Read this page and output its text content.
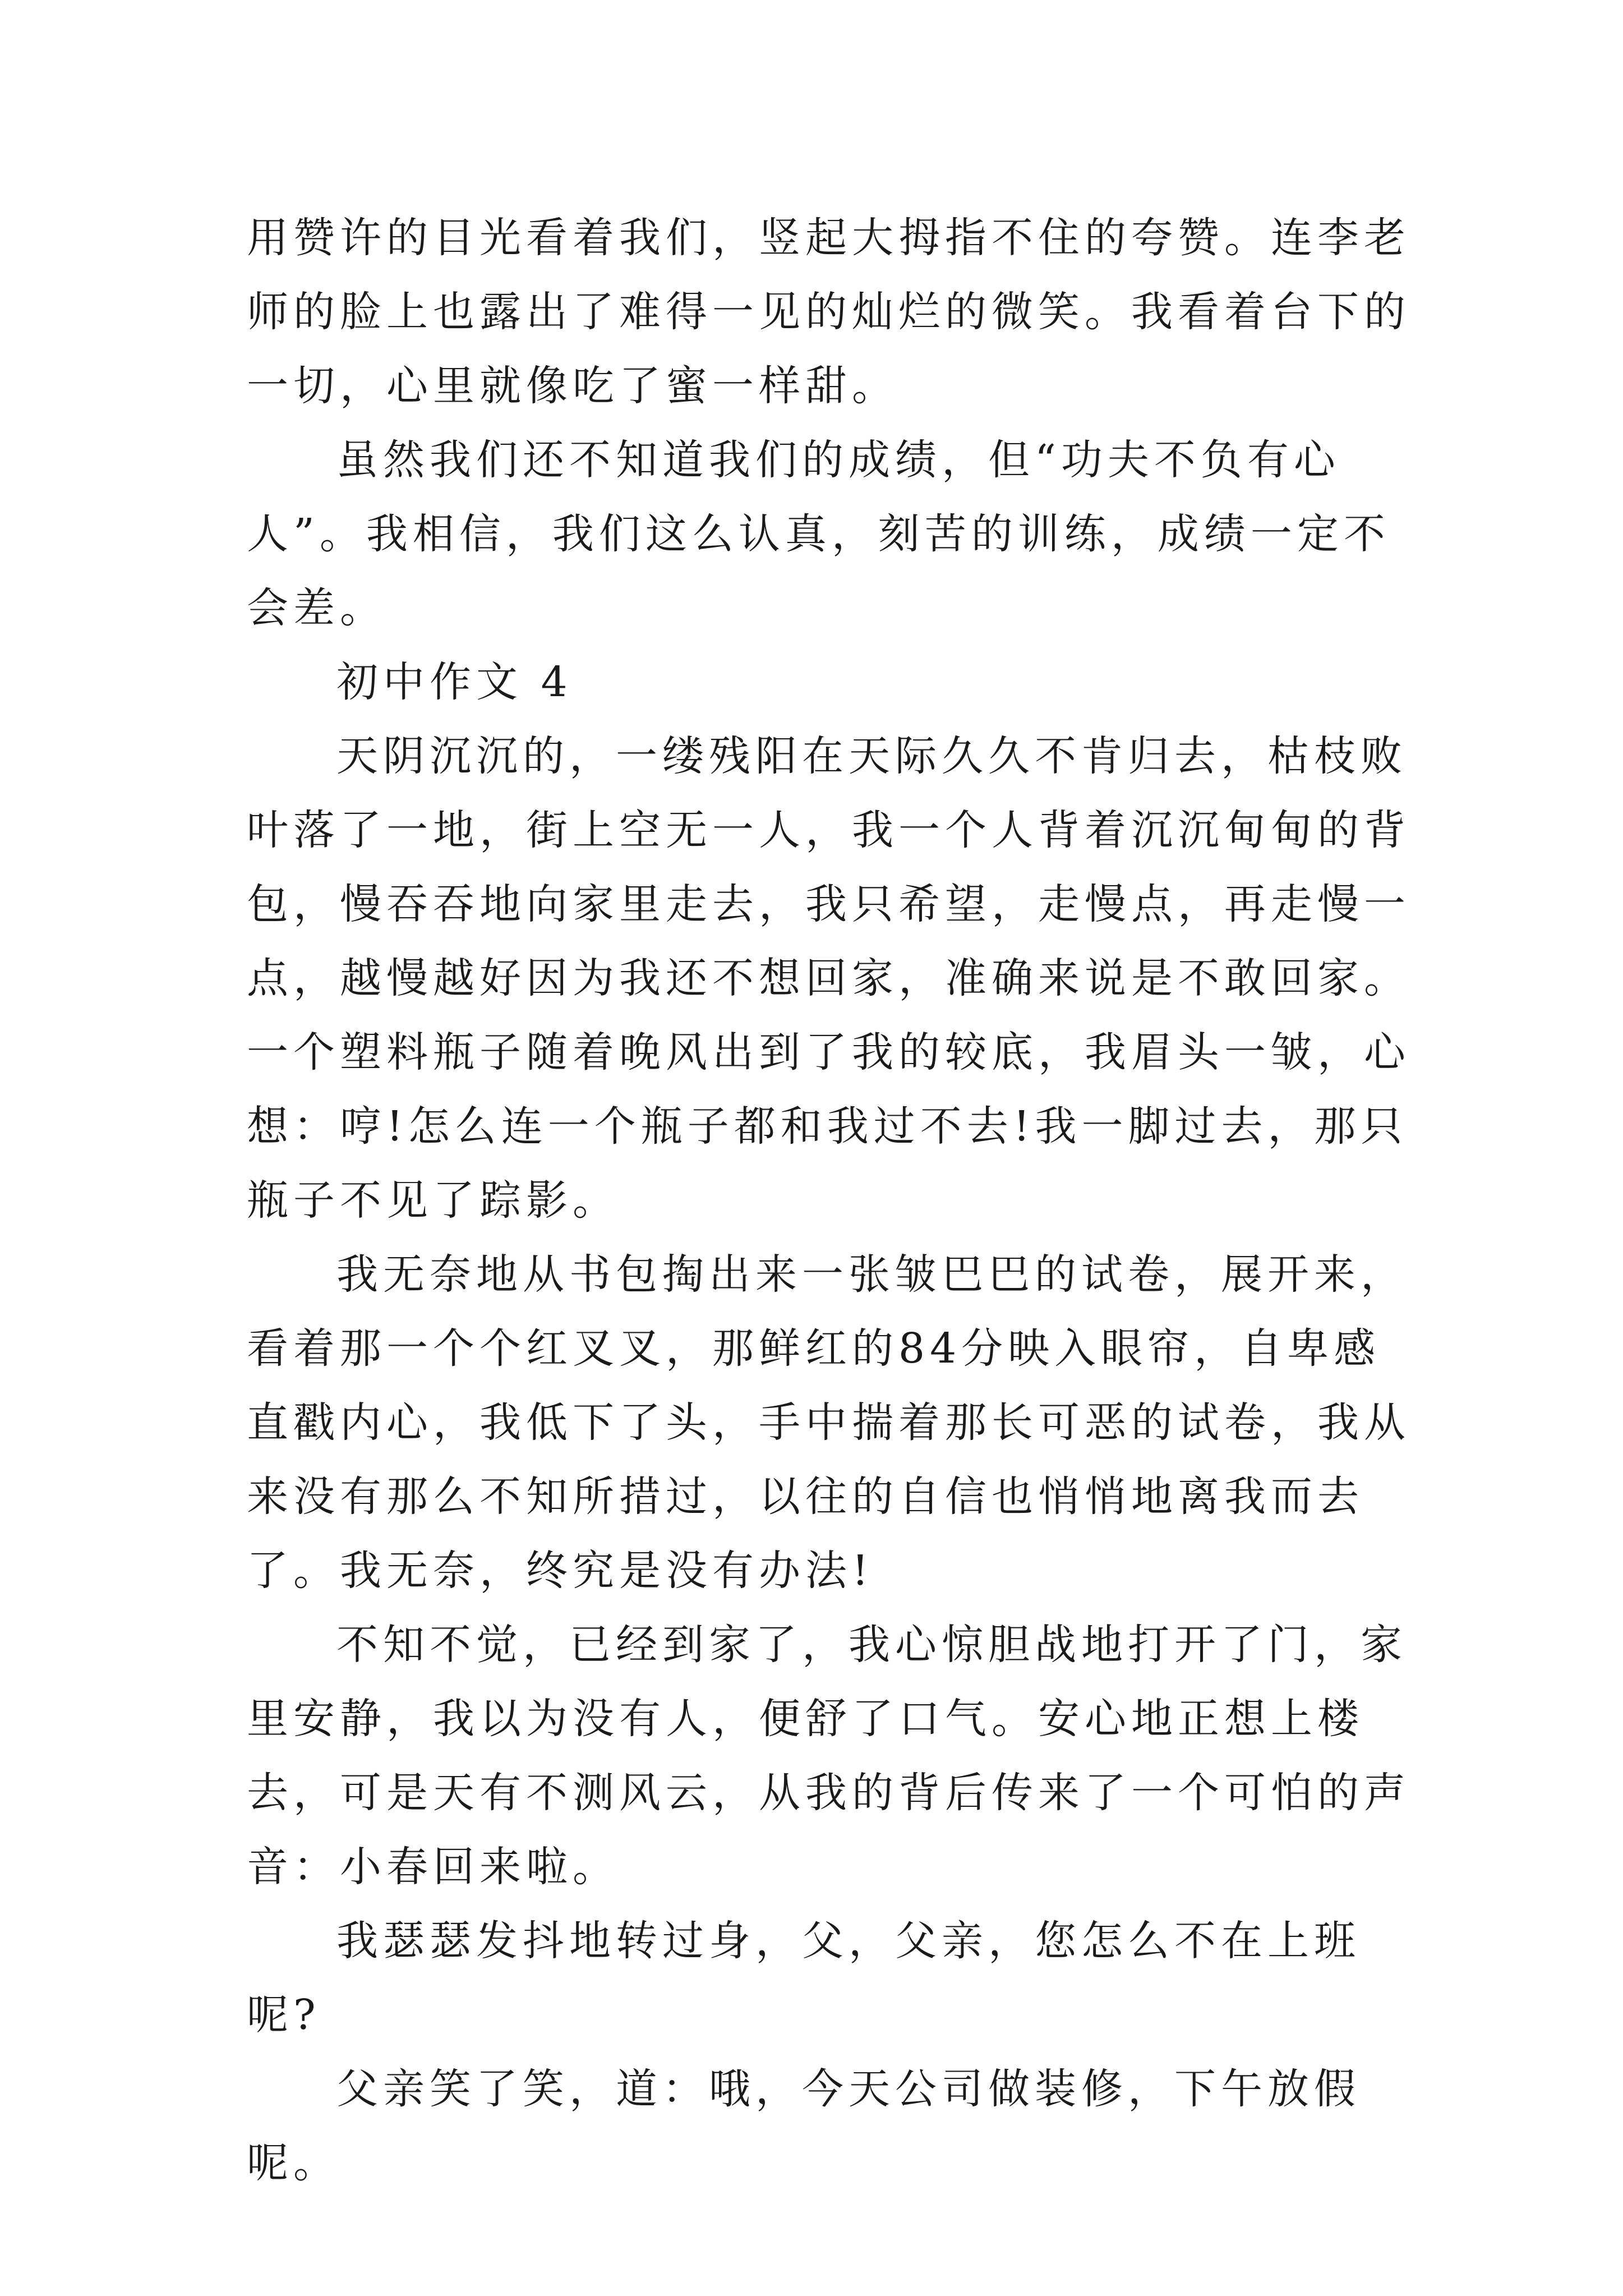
用赞许的目光看着我们，竖起大拇指不住的夸赞。连李老师的脸上也露出了难得一见的灿烂的微笑。我看着台下的一切，心里就像吃了蜜一样甜。

虽然我们还不知道我们的成绩，但“功夫不负有心人”。我相信，我们这么认真，刻苦的训练，成绩一定不会差。

初中作文 4

天阴沉沉的，一缕残阳在天际久久不肯归去，枯枝败叶落了一地，街上空无一人，我一个人背着沉沉甸甸的背包，慢吞吞地向家里走去，我只希望，走慢点，再走慢一点，越慢越好因为我还不想回家，准确来说是不敢回家。一个塑料瓶子随着晚风出到了我的较底，我眉头一皱，心想：哼!怎么连一个瓶子都和我过不去!我一脚过去，那只瓶子不见了踪影。

我无奈地从书包掏出来一张皱巴巴的试卷，展开来，看着那一个个红叉叉，那鲜红的84分映入眼帘，自卑感直戳内心，我低下了头，手中揣着那长可恶的试卷，我从来没有那么不知所措过，以往的自信也悄悄地离我而去了。我无奈，终究是没有办法!

不知不觉，已经到家了，我心惊胆战地打开了门，家里安静，我以为没有人，便舒了口气。安心地正想上楼去，可是天有不测风云，从我的背后传来了一个可怕的声音：小春回来啦。

我瑟瑟发抖地转过身，父，父亲，您怎么不在上班呢?

父亲笑了笑，道：哦，今天公司做装修，下午放假呢。
